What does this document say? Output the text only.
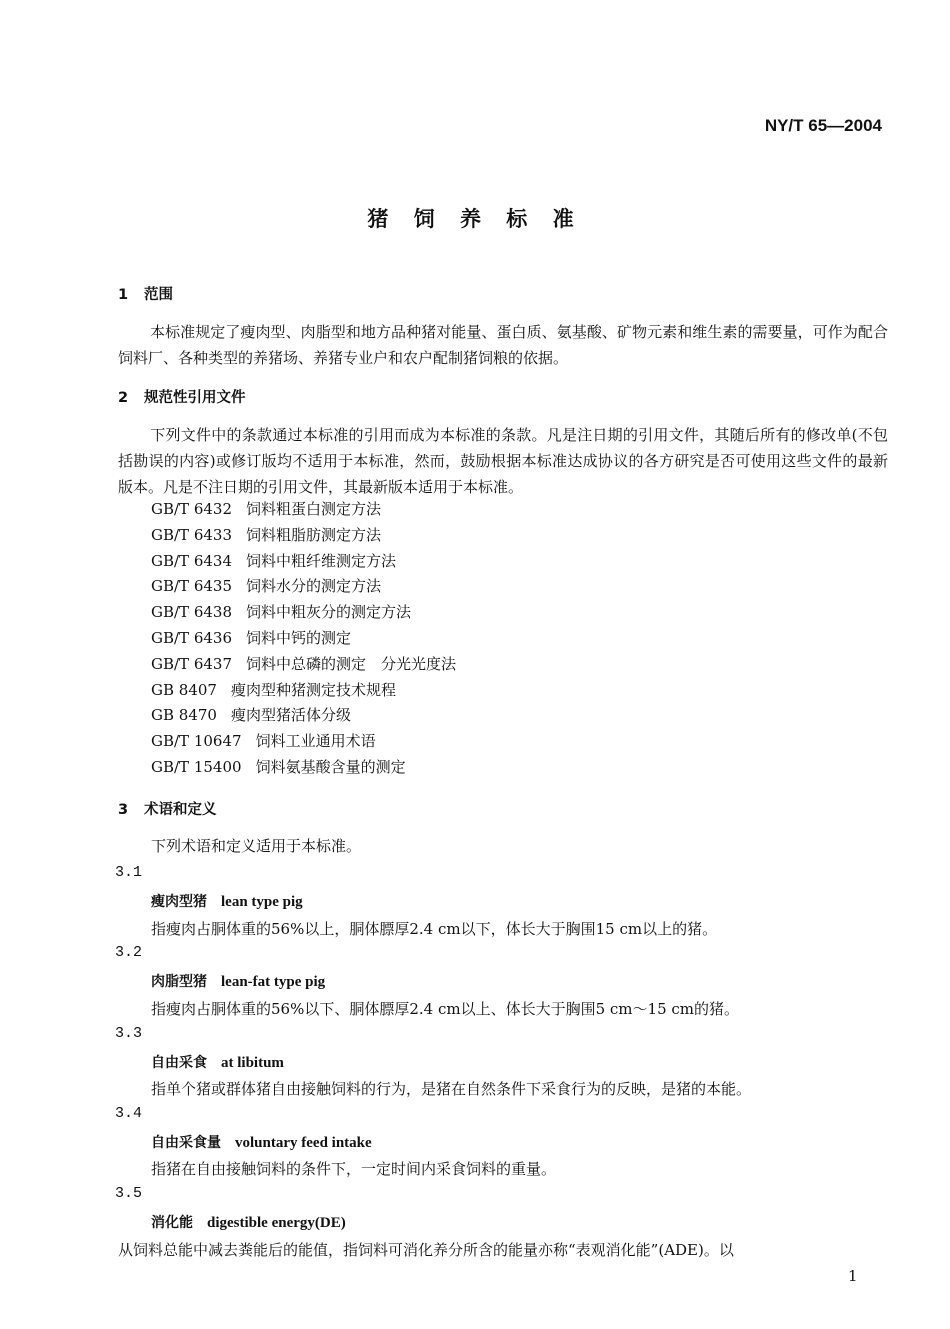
NY/T 65—2004
猪 饲 养 标 准
1 范围
本标准规定了瘦肉型、肉脂型和地方品种猪对能量、蛋白质、氨基酸、矿物元素和维生素的需要量，可作为配合饲料厂、各种类型的养猪场、养猪专业户和农户配制猪饲粮的依据。
2 规范性引用文件
下列文件中的条款通过本标准的引用而成为本标准的条款。凡是注日期的引用文件，其随后所有的修改单(不包括勘误的内容)或修订版均不适用于本标准，然而，鼓励根据本标准达成协议的各方研究是否可使用这些文件的最新版本。凡是不注日期的引用文件，其最新版本适用于本标准。
GB/T 6432 饲料粗蛋白测定方法
GB/T 6433 饲料粗脂肪测定方法
GB/T 6434 饲料中粗纤维测定方法
GB/T 6435 饲料水分的测定方法
GB/T 6438 饲料中粗灰分的测定方法
GB/T 6436 饲料中钙的测定
GB/T 6437 饲料中总磷的测定　分光光度法
GB 8407 瘦肉型种猪测定技术规程
GB 8470 瘦肉型猪活体分级
GB/T 10647 饲料工业通用术语
GB/T 15400 饲料氨基酸含量的测定
3 术语和定义
下列术语和定义适用于本标准。
3.1
瘦肉型猪 lean type pig
指瘦肉占胴体重的56%以上，胴体膘厚2.4 cm以下，体长大于胸围15 cm以上的猪。
3.2
肉脂型猪 lean-fat type pig
指瘦肉占胴体重的56%以下、胴体膘厚2.4 cm以上、体长大于胸围5 cm～15 cm的猪。
3.3
自由采食 at libitum
指单个猪或群体猪自由接触饲料的行为，是猪在自然条件下采食行为的反映，是猪的本能。
3.4
自由采食量 voluntary feed intake
指猪在自由接触饲料的条件下，一定时间内采食饲料的重量。
3.5
消化能 digestible energy(DE)
从饲料总能中减去粪能后的能值，指饲料可消化养分所含的能量亦称“表观消化能”(ADE)。以
1
